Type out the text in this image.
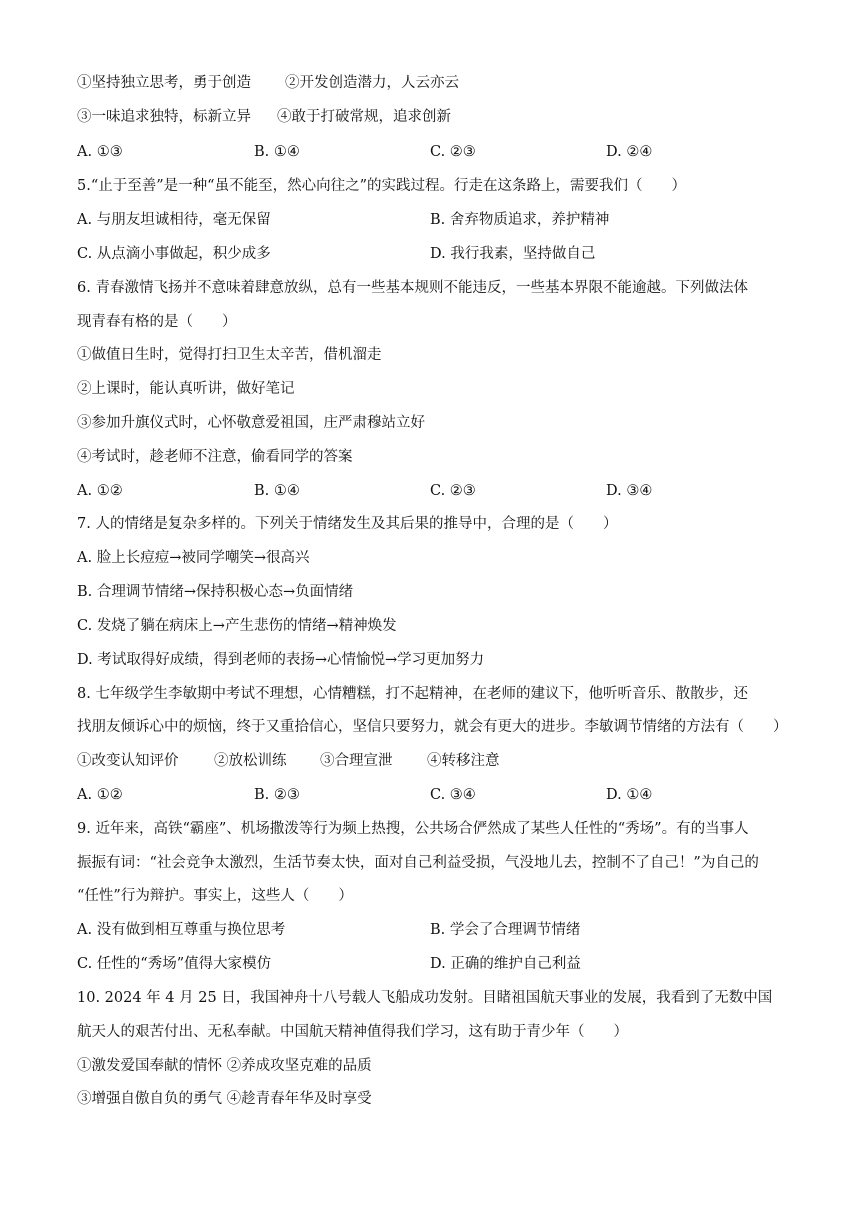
①坚持独立思考，勇于创造 ②开发创造潜力，人云亦云
③一味追求独特，标新立异 ④敢于打破常规，追求创新
A. ①③	B. ①④	C. ②③	D. ②④
5.“止于至善”是一种“虽不能至，然心向往之”的实践过程。行走在这条路上，需要我们（　　）
A. 与朋友坦诚相待，毫无保留	B. 舍弃物质追求，养护精神
C. 从点滴小事做起，积少成多	D. 我行我素，坚持做自己
6. 青春激情飞扬并不意味着肆意放纵，总有一些基本规则不能违反，一些基本界限不能逾越。下列做法体
现青春有格的是（　　）
①做值日生时，觉得打扫卫生太辛苦，借机溜走
②上课时，能认真听讲，做好笔记
③参加升旗仪式时，心怀敬意爱祖国，庄严肃穆站立好
④考试时，趁老师不注意，偷看同学的答案
A. ①②	B. ①④	C. ②③	D. ③④
7. 人的情绪是复杂多样的。下列关于情绪发生及其后果的推导中，合理的是（　　）
A. 脸上长痘痘→被同学嘲笑→很高兴
B. 合理调节情绪→保持积极心态→负面情绪
C. 发烧了躺在病床上→产生悲伤的情绪→精神焕发
D. 考试取得好成绩，得到老师的表扬→心情愉悦→学习更加努力
8. 七年级学生李敏期中考试不理想，心情糟糕，打不起精神，在老师的建议下，他听听音乐、散散步，还
找朋友倾诉心中的烦恼，终于又重拾信心，坚信只要努力，就会有更大的进步。李敏调节情绪的方法有（　　）
①改变认知评价 ②放松训练 ③合理宣泄 ④转移注意
A. ①②	B. ②③	C. ③④	D. ①④
9. 近年来，高铁“霸座”、机场撒泼等行为频上热搜，公共场合俨然成了某些人任性的“秀场”。有的当事人
振振有词：“社会竞争太激烈，生活节奏太快，面对自己利益受损，气没地儿去，控制不了自己！”为自己的
“任性”行为辩护。事实上，这些人（　　）
A. 没有做到相互尊重与换位思考	B. 学会了合理调节情绪
C. 任性的“秀场”值得大家模仿	D. 正确的维护自己利益
10. 2024 年 4 月 25 日，我国神舟十八号载人飞船成功发射。目睹祖国航天事业的发展，我看到了无数中国
航天人的艰苦付出、无私奉献。中国航天精神值得我们学习，这有助于青少年（　　）
①激发爱国奉献的情怀 ②养成攻坚克难的品质
③增强自傲自负的勇气 ④趁青春年华及时享受
